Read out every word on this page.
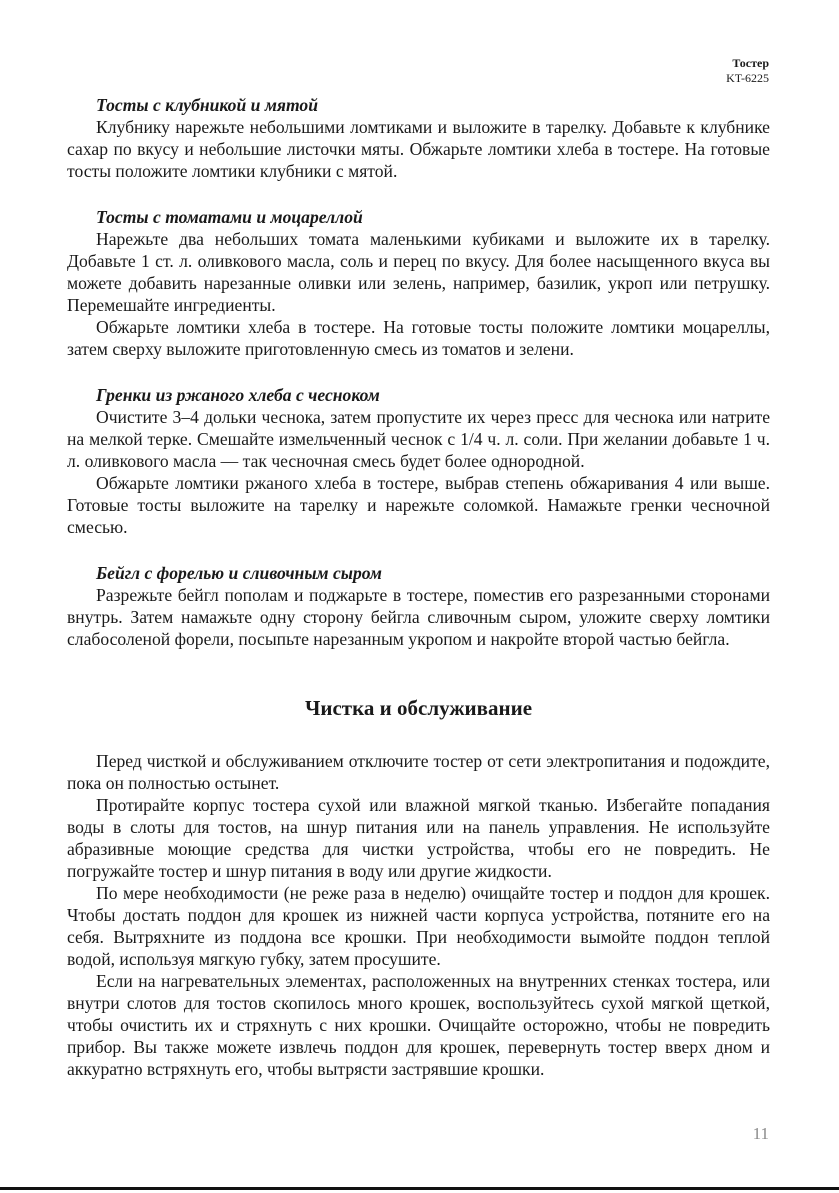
Тостер
KT-6225
Тосты с клубникой и мятой

Клубнику нарежьте небольшими ломтиками и выложите в тарелку. Добавьте к клубнике сахар по вкусу и небольшие листочки мяты. Обжарьте ломтики хлеба в тостере. На готовые тосты положите ломтики клубники с мятой.

Тосты с томатами и моцареллой

Нарежьте два небольших томата маленькими кубиками и выложите их в тарелку. Добавьте 1 ст. л. оливкового масла, соль и перец по вкусу. Для более насыщенного вкуса вы можете добавить нарезанные оливки или зелень, например, базилик, укроп или петрушку. Перемешайте ингредиенты.

Обжарьте ломтики хлеба в тостере. На готовые тосты положите ломтики моцареллы, затем сверху выложите приготовленную смесь из томатов и зелени.

Гренки из ржаного хлеба с чесноком

Очистите 3–4 дольки чеснока, затем пропустите их через пресс для чеснока или натрите на мелкой терке. Смешайте измельченный чеснок с 1/4 ч. л. соли. При желании добавьте 1 ч. л. оливкового масла — так чесночная смесь будет более однородной.

Обжарьте ломтики ржаного хлеба в тостере, выбрав степень обжаривания 4 или выше. Готовые тосты выложите на тарелку и нарежьте соломкой. Намажьте гренки чесночной смесью.

Бейгл с форелью и сливочным сыром

Разрежьте бейгл пополам и поджарьте в тостере, поместив его разрезанными сторонами внутрь. Затем намажьте одну сторону бейгла сливочным сыром, уложите сверху ломтики слабосоленой форели, посыпьте нарезанным укропом и накройте второй частью бейгла.

Чистка и обслуживание

Перед чисткой и обслуживанием отключите тостер от сети электропитания и подождите, пока он полностью остынет.

Протирайте корпус тостера сухой или влажной мягкой тканью. Избегайте попадания воды в слоты для тостов, на шнур питания или на панель управления. Не используйте абразивные моющие средства для чистки устройства, чтобы его не повредить. Не погружайте тостер и шнур питания в воду или другие жидкости.

По мере необходимости (не реже раза в неделю) очищайте тостер и поддон для крошек. Чтобы достать поддон для крошек из нижней части корпуса устройства, потяните его на себя. Вытряхните из поддона все крошки. При необходимости вымойте поддон теплой водой, используя мягкую губку, затем просушите.

Если на нагревательных элементах, расположенных на внутренних стенках тостера, или внутри слотов для тостов скопилось много крошек, воспользуйтесь сухой мягкой щеткой, чтобы очистить их и стряхнуть с них крошки. Очищайте осторожно, чтобы не повредить прибор. Вы также можете извлечь поддон для крошек, перевернуть тостер вверх дном и аккуратно встряхнуть его, чтобы вытрясти застрявшие крошки.

11
